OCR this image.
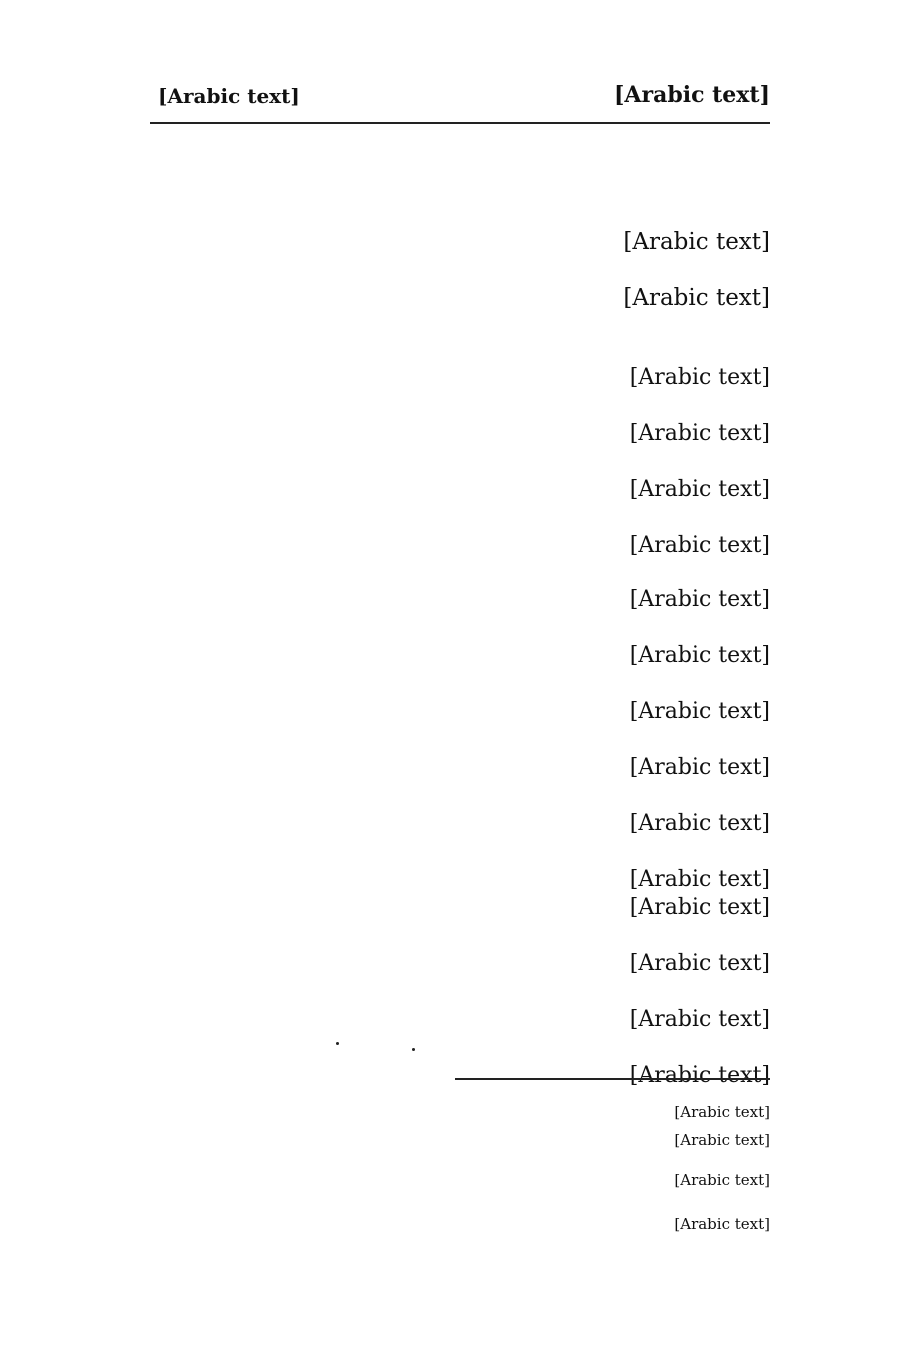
[Arabic text]
[Arabic text]
[Arabic text]
[Arabic text]
[Arabic text]
[Arabic text]
[Arabic text]
[Arabic text]
[Arabic text]
[Arabic text]
[Arabic text]
[Arabic text]
[Arabic text]
[Arabic text]
[Arabic text]
[Arabic text]
[Arabic text]
[Arabic text]
[Arabic text]
[Arabic text]
[Arabic text]
[Arabic text]
